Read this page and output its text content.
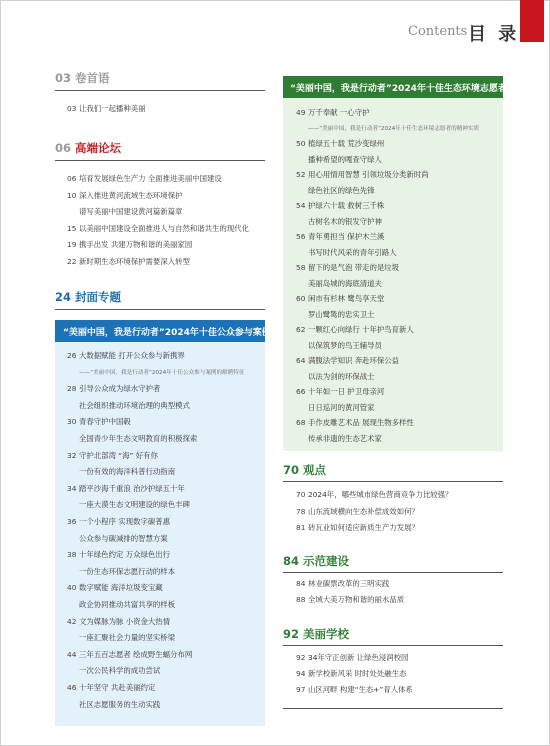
Contents 目 录
03 卷首语
03 让我们一起播种美丽
06 高端论坛
06 培育发展绿色生产力 全面推进美丽中国建设
10 深入推进黄河流域生态环境保护
谱写美丽中国建设黄河篇新篇章
15 以美丽中国建设全面推进人与自然和谐共生的现代化
19 携手出发 共建万物和谐的美丽家园
22 新时期生态环境保护需要深入转型
24 封面专题
“美丽中国，我是行动者”2024年十佳公众参与案例
26 大数据赋能 打开公众参与新携界
——“美丽中国，我是行动者”2024年十佳公众参与案例的解聘特征
28 引导公众成为绿水守护者
社会组织推动环境治理的典型模式
30 青春守护中国毂
全国青少年生态文明教育的积极探索
32 守护北部湾 “海” 好有你
一份有效的海洋科普行动指南
34 踏平沙海千重浪 治沙护绿五十年
一座大漠生态文明建设的绿色丰碑
36 一个小程序 实现数字碳普惠
公众参与碳减排的智慧方案
38 十年绿色约定 万众绿色出行
一份生态环保志愿行动的样本
40 数字赋能 海洋垃圾变宝藏
政企协同推动共富共享的样板
42 文为媒脉为脉 小资金大热情
一座汇聚社会力量的坚实桥梁
44 三年五百志愿者 绘成野生蝠分布网
一次公民科学的成功尝试
46 十年坚守 共赴美丽约定
社区志愿服务的生动实践
“美丽中国，我是行动者”2024年十佳生态环境志愿者
49 万千奉献 一心守护
——“美丽中国，我是行动者”2024年十佳生态环境志愿者的精神实质
50 植绿五十载 荒沙变绿州
播种希望的嘎查守绿人
52 用心用情用智慧 引领垃圾分类新时尚
绿色社区的绿色先锋
54 护绿六十载 救树三千株
古树名木的银发守护神
56 青年勇担当 保护木兰溪
书写时代风采的青年引路人
58 留下的是气泡 带走的是垃圾
美丽岛城的海底清道夫
60 闲市有杉林 鹭鸟享天堂
罗山鹭鸶的忠实卫士
62 一颗红心向绿行 十年护鸟育新人
以保筑梦的鸟王辅导员
64 满腹法学知识 奔赴环保公益
以法为剑的环保战士
66 十年如一日 护卫母亲河
日日巡河的黄河管家
68 手作皮雕艺术品 展现生物多样性
传承非遗的生态艺术家
70 观点
70 2024年，哪些城市绿色营商竞争力比较强？
78 山东流域横向生态补偿成效如何？
81 砖瓦业如何适应新质生产力发展？
84 示范建设
84 林业碳票改革的三明实践
88 全域大美万物和谐的丽水品质
92 美丽学校
92 34年守正创新 让绿色浸润校园
94 新学校新风采 时时处处融生态
97 山区河畔 构建“生态+”育人体系
